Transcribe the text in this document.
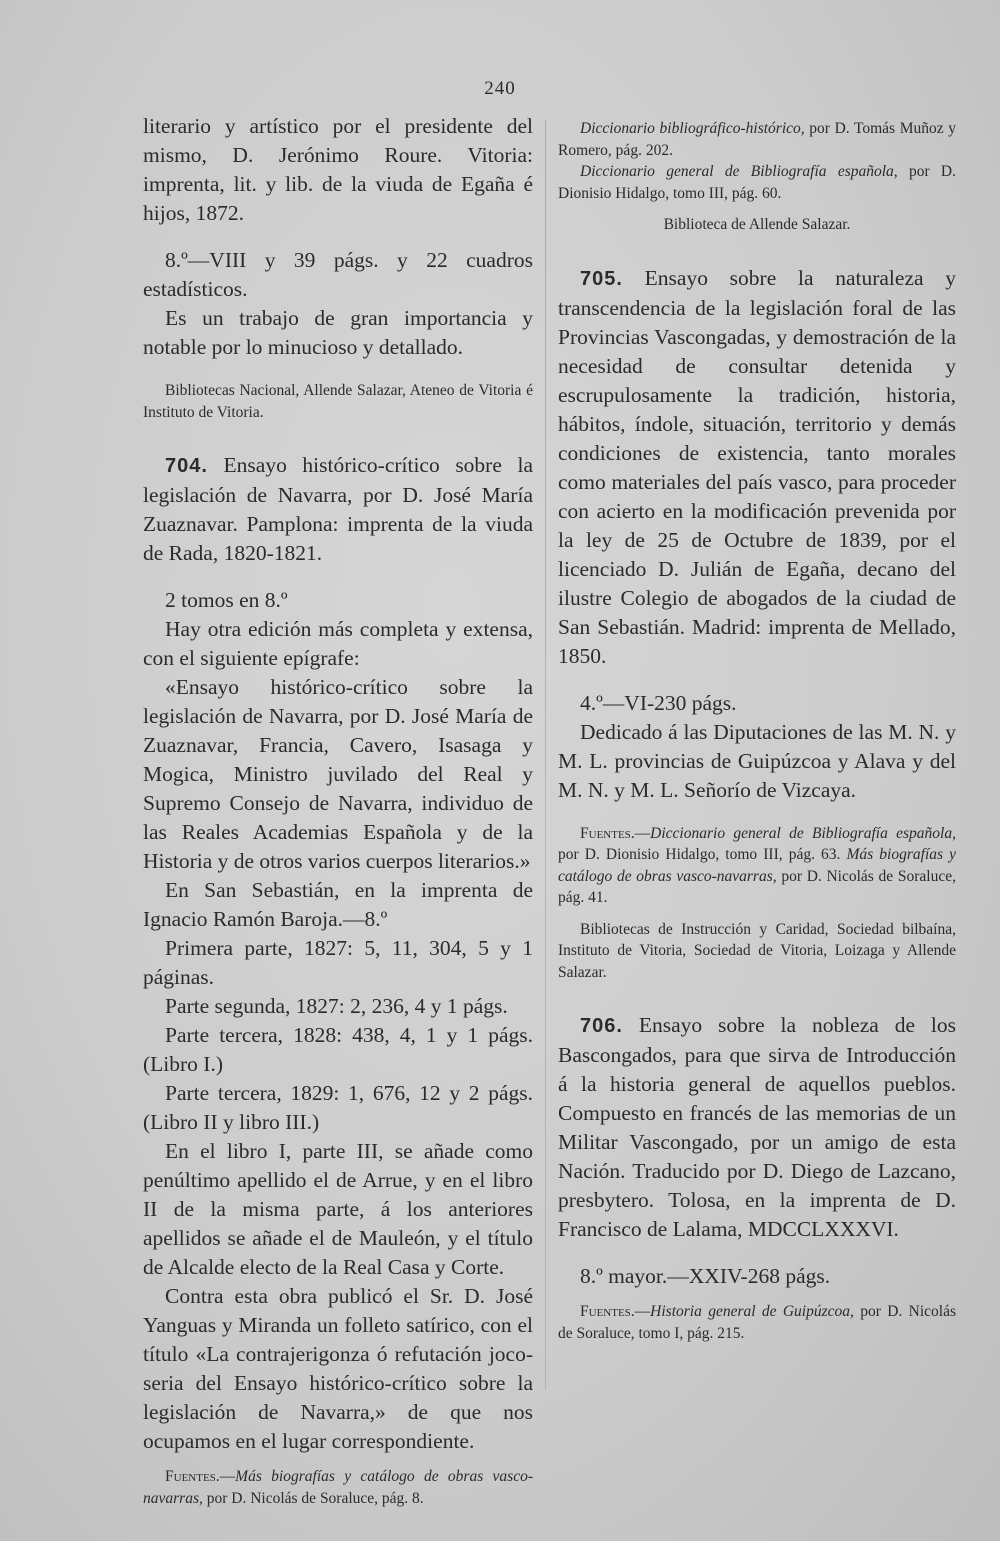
240

literario y artístico por el presidente del mismo, D. Jerónimo Roure. Vitoria: imprenta, lit. y lib. de la viuda de Egaña é hijos, 1872.

8.º—VIII y 39 págs. y 22 cuadros estadísticos.

Es un trabajo de gran importancia y notable por lo minucioso y detallado.

Bibliotecas Nacional, Allende Salazar, Ateneo de Vitoria é Instituto de Vitoria.

704. Ensayo histórico-crítico sobre la legislación de Navarra, por D. José María Zuaznavar. Pamplona: imprenta de la viuda de Rada, 1820-1821.

2 tomos en 8.º

Hay otra edición más completa y extensa, con el siguiente epígrafe:

«Ensayo histórico-crítico sobre la legislación de Navarra, por D. José María de Zuaznavar, Francia, Cavero, Isasaga y Mogica, Ministro juvilado del Real y Supremo Consejo de Navarra, individuo de las Reales Academias Española y de la Historia y de otros varios cuerpos literarios.»

En San Sebastián, en la imprenta de Ignacio Ramón Baroja.—8.º

Primera parte, 1827: 5, 11, 304, 5 y 1 páginas.

Parte segunda, 1827: 2, 236, 4 y 1 págs.

Parte tercera, 1828: 438, 4, 1 y 1 págs. (Libro I.)

Parte tercera, 1829: 1, 676, 12 y 2 págs. (Libro II y libro III.)

En el libro I, parte III, se añade como penúltimo apellido el de Arrue, y en el libro II de la misma parte, á los anteriores apellidos se añade el de Mauleón, y el título de Alcalde electo de la Real Casa y Corte.

Contra esta obra publicó el Sr. D. José Yanguas y Miranda un folleto satírico, con el título «La contrajerigonza ó refutación joco-seria del Ensayo histórico-crítico sobre la legislación de Navarra,» de que nos ocupamos en el lugar correspondiente.

Fuentes.—Más biografías y catálogo de obras vasco-navarras, por D. Nicolás de Soraluce, pág. 8.

Diccionario bibliográfico-histórico, por D. Tomás Muñoz y Romero, pág. 202.

Diccionario general de Bibliografía española, por D. Dionisio Hidalgo, tomo III, pág. 60.

Biblioteca de Allende Salazar.

705. Ensayo sobre la naturaleza y transcendencia de la legislación foral de las Provincias Vascongadas, y demostración de la necesidad de consultar detenida y escrupulosamente la tradición, historia, hábitos, índole, situación, territorio y demás condiciones de existencia, tanto morales como materiales del país vasco, para proceder con acierto en la modificación prevenida por la ley de 25 de Octubre de 1839, por el licenciado D. Julián de Egaña, decano del ilustre Colegio de abogados de la ciudad de San Sebastián. Madrid: imprenta de Mellado, 1850.

4.º—VI-230 págs.

Dedicado á las Diputaciones de las M. N. y M. L. provincias de Guipúzcoa y Alava y del M. N. y M. L. Señorío de Vizcaya.

Fuentes.—Diccionario general de Bibliografía española, por D. Dionisio Hidalgo, tomo III, pág. 63. Más biografías y catálogo de obras vasco-navarras, por D. Nicolás de Soraluce, pág. 41.

Bibliotecas de Instrucción y Caridad, Sociedad bilbaína, Instituto de Vitoria, Sociedad de Vitoria, Loizaga y Allende Salazar.

706. Ensayo sobre la nobleza de los Bascongados, para que sirva de Introducción á la historia general de aquellos pueblos. Compuesto en francés de las memorias de un Militar Vascongado, por un amigo de esta Nación. Traducido por D. Diego de Lazcano, presbytero. Tolosa, en la imprenta de D. Francisco de Lalama, MDCCLXXXVI.

8.º mayor.—XXIV-268 págs.

Fuentes.—Historia general de Guipúzcoa, por D. Nicolás de Soraluce, tomo I, pág. 215.
